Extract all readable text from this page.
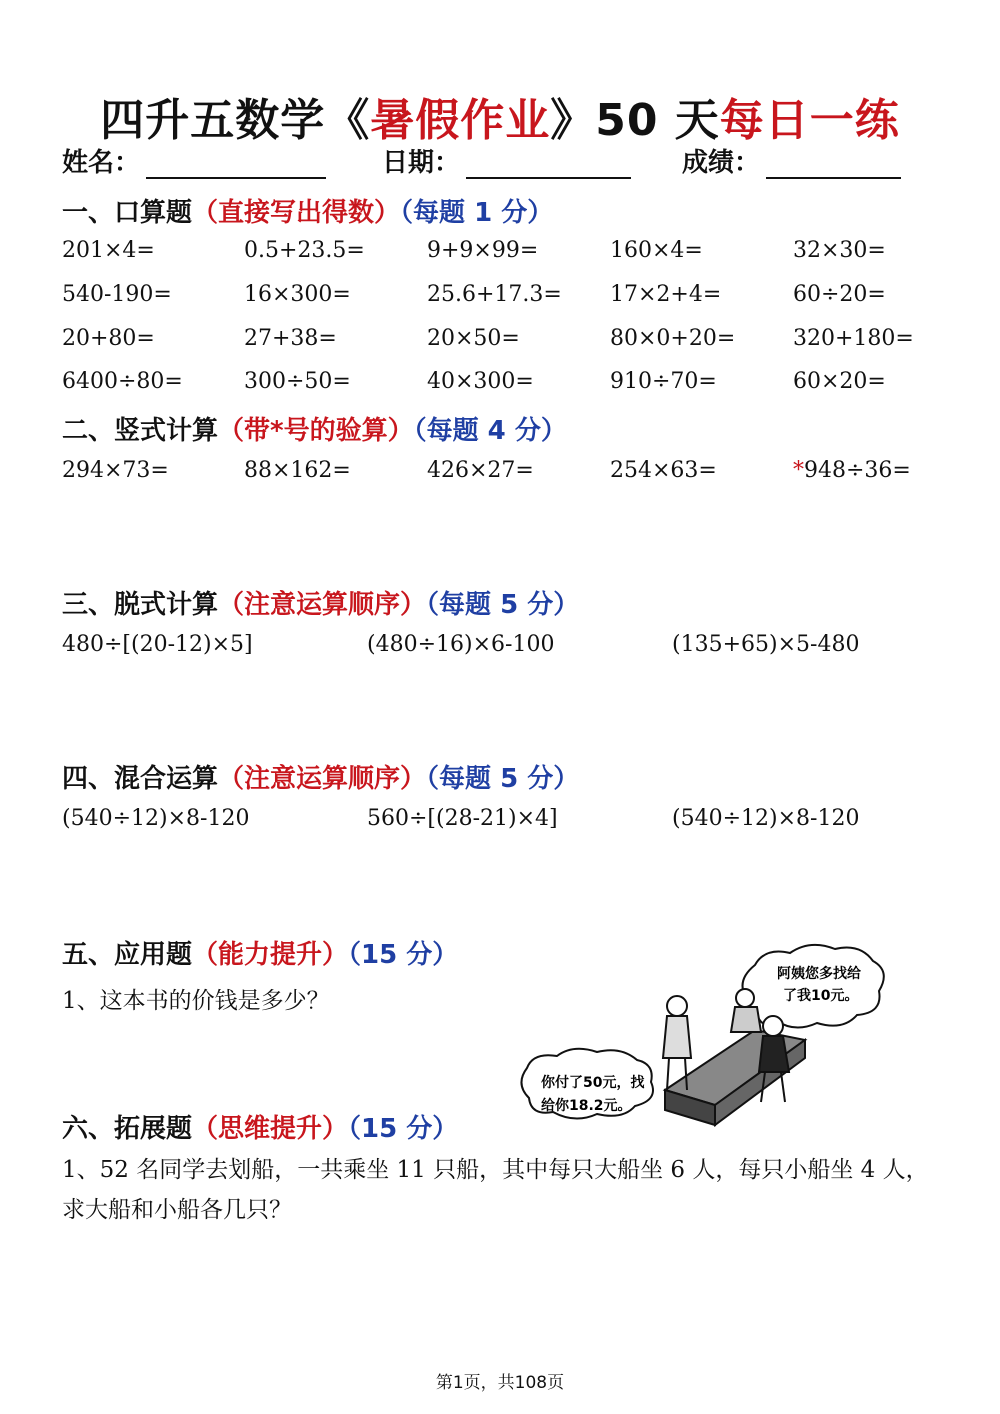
四升五数学《暑假作业》50 天每日一练
姓名：	日期：	成绩：
一、口算题（直接写出得数）（每题 1 分）
201×4=	0.5+23.5=	9+9×99=	160×4=	32×30=
540-190=	16×300=	25.6+17.3= 17×2+4=	60÷20=
20+80=	27+38=	20×50=	80×0+20=	320+180=
6400÷80=	300÷50=	40×300=	910÷70=	60×20=
二、竖式计算（带*号的验算）（每题 4 分）
294×73=	88×162=	426×27=	254×63=	*948÷36=
三、脱式计算（注意运算顺序）（每题 5 分）
480÷[(20-12)×5]	(480÷16)×6-100	(135+65)×5-480
四、混合运算（注意运算顺序）（每题 5 分）
(540÷12)×8-120	560÷[(28-21)×4]	(540÷12)×8-120
五、应用题（能力提升）（15 分）
1、这本书的价钱是多少？
阿姨您多找给
了我10元。
你付了50元，找
给你18.2元。
六、拓展题（思维提升）（15 分）
1、52 名同学去划船，一共乘坐 11 只船，其中每只大船坐 6 人，每只小船坐 4 人，求大船和小船各几只？
第1页，共108页
